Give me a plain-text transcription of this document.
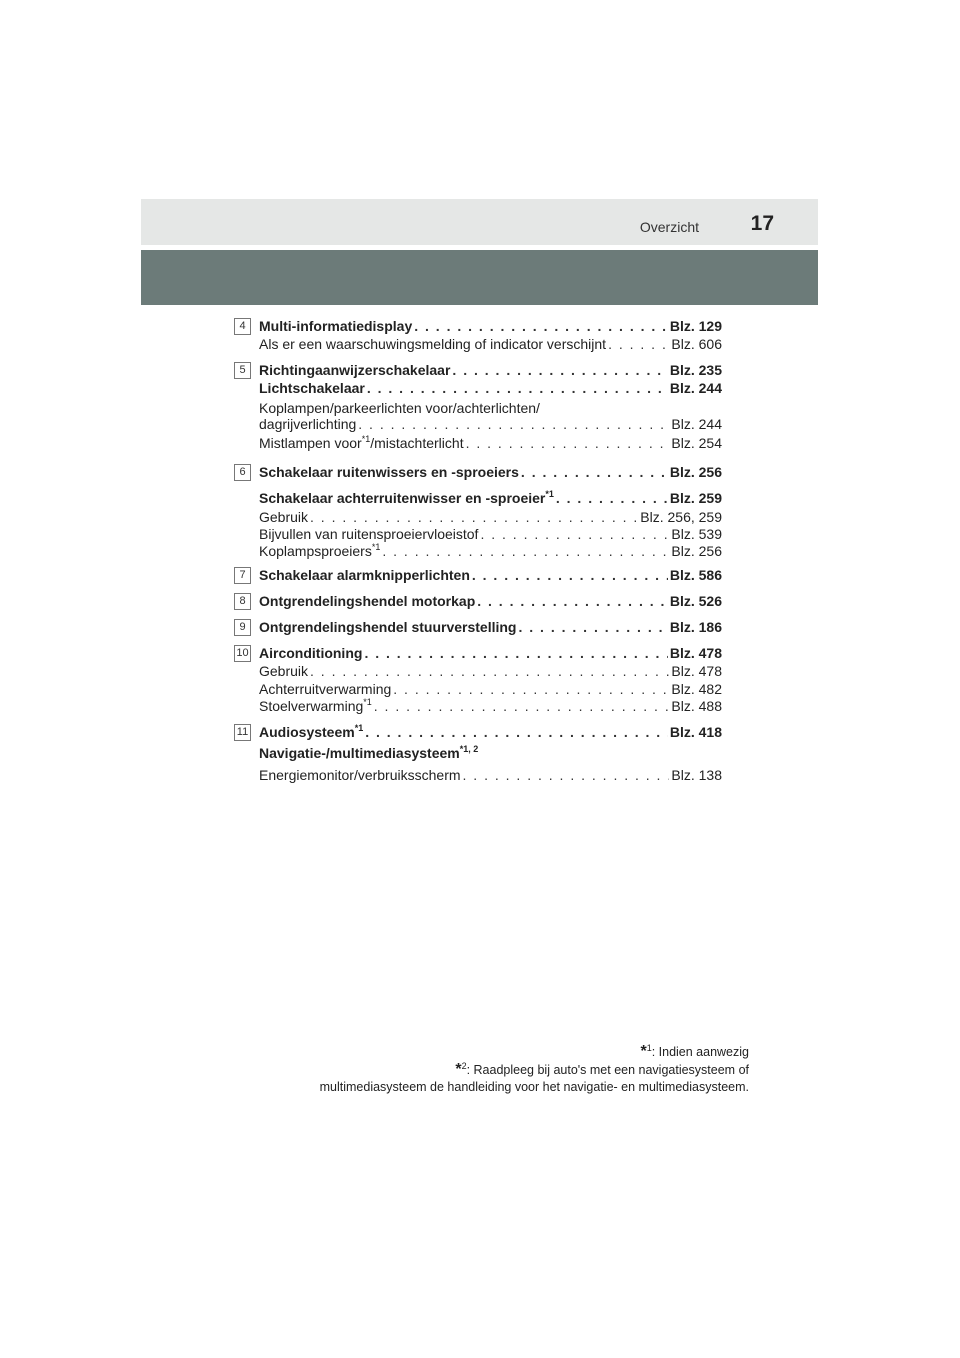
Overzicht 17
4 Multi-informatiedisplay . . .	Blz. 129
Als er een waarschuwingsmelding of indicator verschijnt . . .	Blz. 606
5 Richtingaanwijzerschakelaar . . .	Blz. 235
Lichtschakelaar . . .	Blz. 244
Koplampen/parkeerlichten voor/achterlichten/
dagrijverlichting . . .	Blz. 244
Mistlampen voor$^{*1}$/mistachterlicht . . .	Blz. 254
6 Schakelaar ruitenwissers en -sproeiers . . .	Blz. 256
Schakelaar achterruitenwisser en -sproeier$^{*1}$ . . .	Blz. 259
Gebruik . . .	Blz. 256, 259
Bijvullen van ruitensproeiervloeistof . . .	Blz. 539
Koplampsproeiers$^{*1}$ . . .	Blz. 256
7 Schakelaar alarmknipperlichten . . .	Blz. 586
8 Ontgrendelingshendel motorkap . . .	Blz. 526
9 Ontgrendelingshendel stuurverstelling . . .	Blz. 186
10 Airconditioning . . .	Blz. 478
Gebruik . . .	Blz. 478
Achterruitverwarming . . .	Blz. 482
Stoelverwarming$^{*1}$ . . .	Blz. 488
11 Audiosysteem$^{*1}$ . . .	Blz. 418
Navigatie-/multimediasysteem$^{*1, 2}$
Energiemonitor/verbruiksscherm . . .	Blz. 138
*$^1$: Indien aanwezig
*$^2$: Raadpleeg bij auto's met een navigatiesysteem of
multimediasysteem de handleiding voor het navigatie- en multimediasysteem.
